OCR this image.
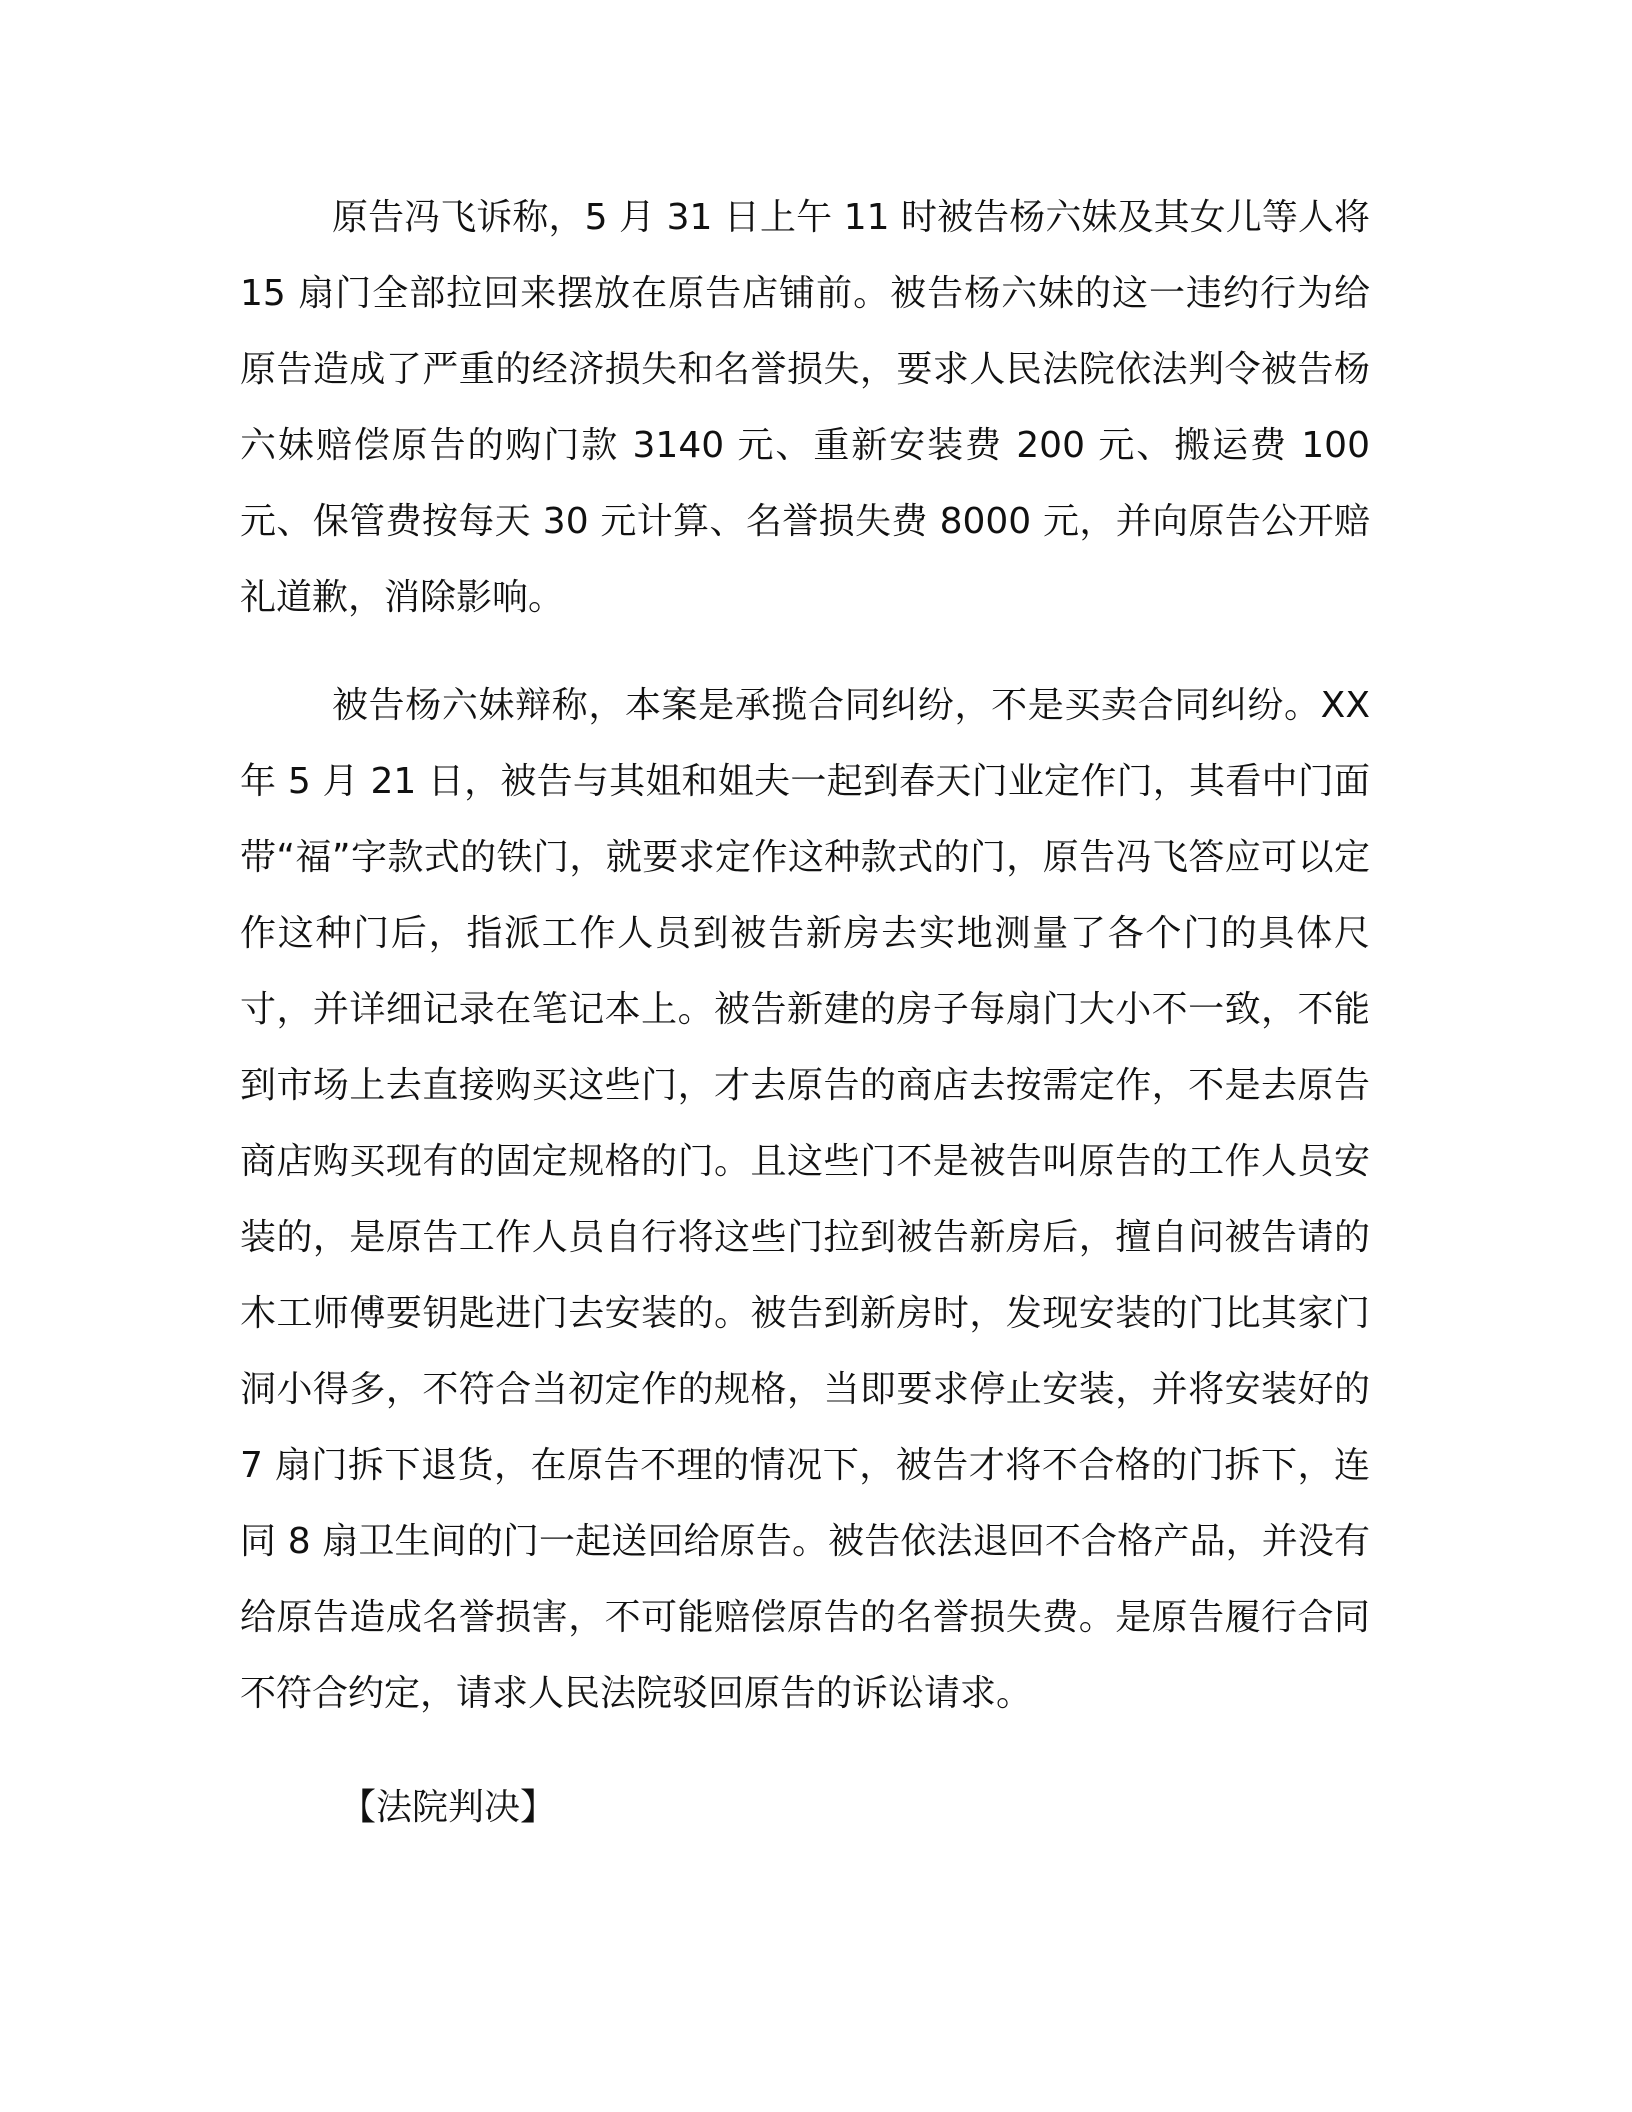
原告冯飞诉称，5 月 31 日上午 11 时被告杨六妹及其女儿等人将 15 扇门全部拉回来摆放在原告店铺前。被告杨六妹的这一违约行为给原告造成了严重的经济损失和名誉损失，要求人民法院依法判令被告杨六妹赔偿原告的购门款 3140 元、重新安装费 200 元、搬运费 100 元、保管费按每天 30 元计算、名誉损失费 8000 元，并向原告公开赔礼道歉，消除影响。

被告杨六妹辩称，本案是承揽合同纠纷，不是买卖合同纠纷。XX 年 5 月 21 日，被告与其姐和姐夫一起到春天门业定作门，其看中门面带“福”字款式的铁门，就要求定作这种款式的门，原告冯飞答应可以定作这种门后，指派工作人员到被告新房去实地测量了各个门的具体尺寸，并详细记录在笔记本上。被告新建的房子每扇门大小不一致，不能到市场上去直接购买这些门，才去原告的商店去按需定作，不是去原告商店购买现有的固定规格的门。且这些门不是被告叫原告的工作人员安装的，是原告工作人员自行将这些门拉到被告新房后，擅自问被告请的木工师傅要钥匙进门去安装的。被告到新房时，发现安装的门比其家门洞小得多，不符合当初定作的规格，当即要求停止安装，并将安装好的 7 扇门拆下退货，在原告不理的情况下，被告才将不合格的门拆下，连同 8 扇卫生间的门一起送回给原告。被告依法退回不合格产品，并没有给原告造成名誉损害，不可能赔偿原告的名誉损失费。是原告履行合同不符合约定，请求人民法院驳回原告的诉讼请求。

【法院判决】
